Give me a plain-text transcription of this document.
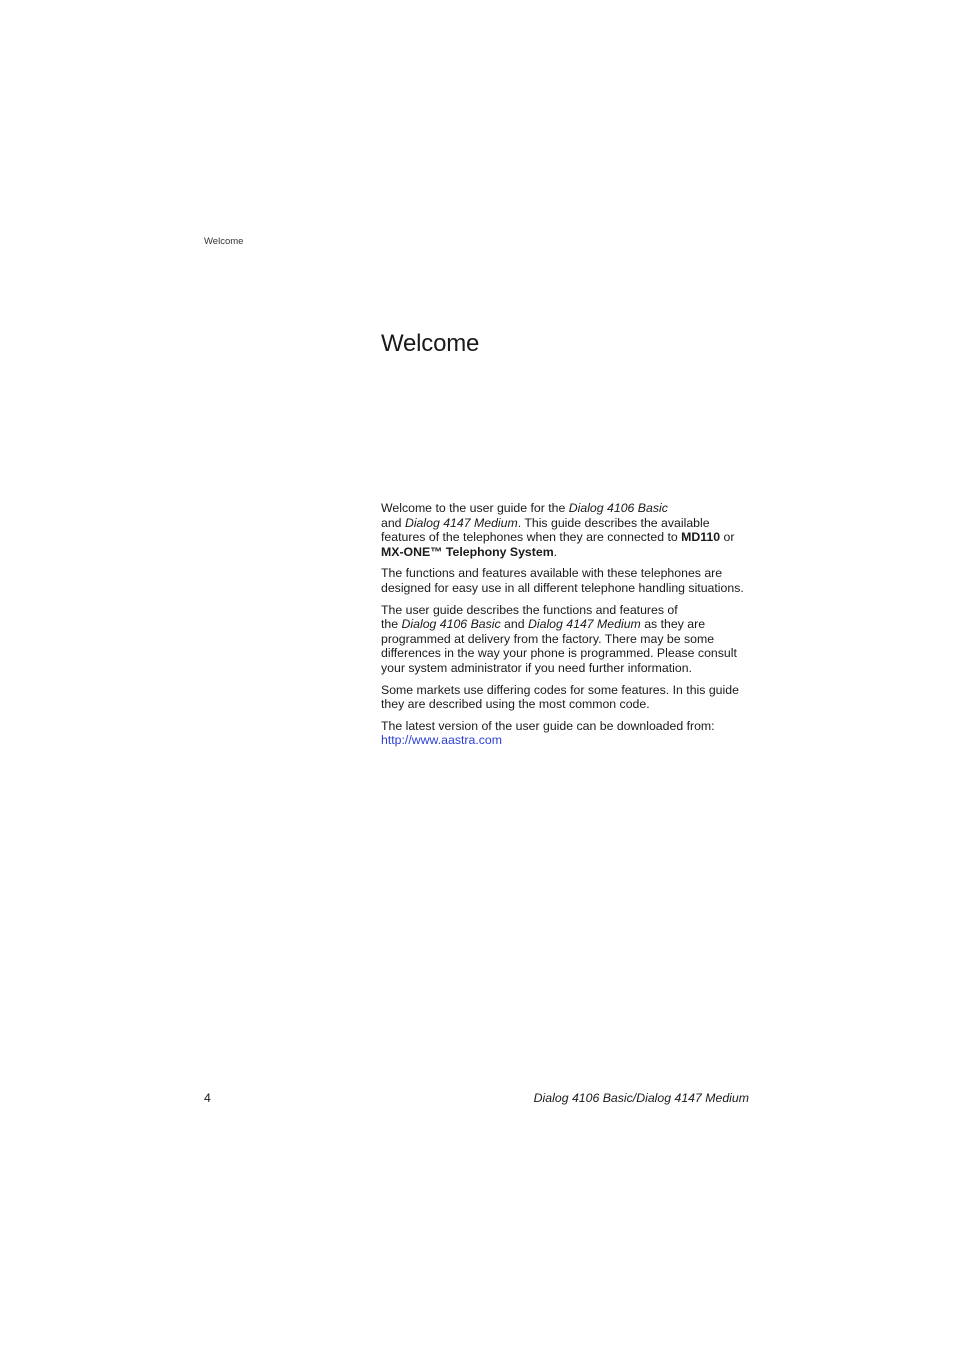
Welcome
Welcome

Welcome to the user guide for the Dialog 4106 Basic
and Dialog 4147 Medium. This guide describes the available features of the telephones when they are connected to MD110 or
MX-ONE™ Telephony System.

The functions and features available with these telephones are designed for easy use in all different telephone handling situations.

The user guide describes the functions and features of
the Dialog 4106 Basic and Dialog 4147 Medium as they are programmed at delivery from the factory. There may be some differences in the way your phone is programmed. Please consult your system administrator if you need further information.

Some markets use differing codes for some features. In this guide they are described using the most common code.

The latest version of the user guide can be downloaded from:
http://www.aastra.com

4	Dialog 4106 Basic/Dialog 4147 Medium
